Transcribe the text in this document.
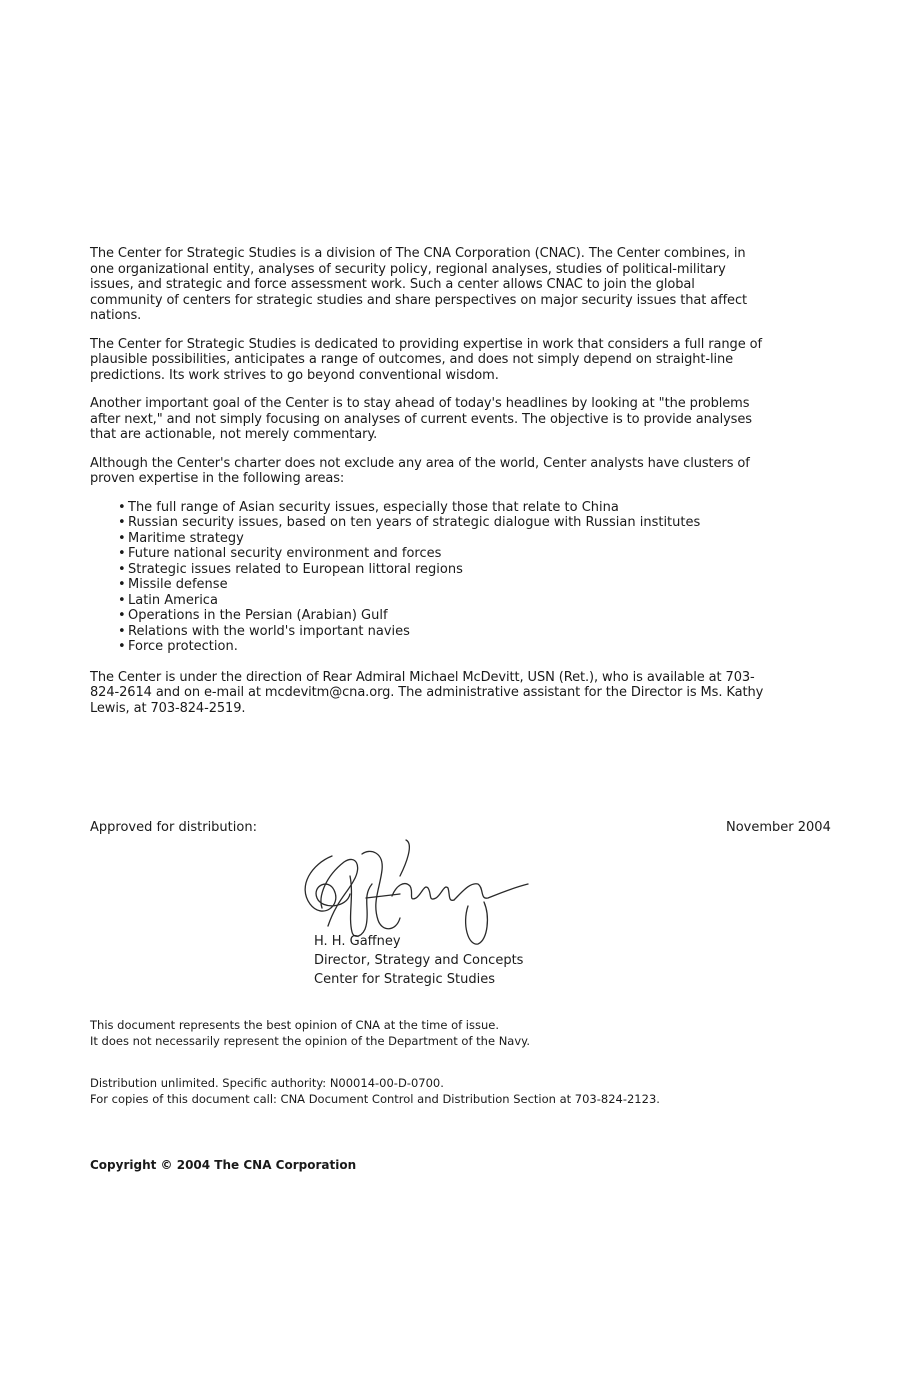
The Center for Strategic Studies is a division of The CNA Corporation (CNAC). The Center combines, in one organizational entity, analyses of security policy, regional analyses, studies of political-military issues, and strategic and force assessment work. Such a center allows CNAC to join the global community of centers for strategic studies and share perspectives on major security issues that affect nations.

The Center for Strategic Studies is dedicated to providing expertise in work that considers a full range of plausible possibilities, anticipates a range of outcomes, and does not simply depend on straight-line predictions. Its work strives to go beyond conventional wisdom.

Another important goal of the Center is to stay ahead of today's headlines by looking at "the problems after next," and not simply focusing on analyses of current events. The objective is to provide analyses that are actionable, not merely commentary.

Although the Center's charter does not exclude any area of the world, Center analysts have clusters of proven expertise in the following areas:

• The full range of Asian security issues, especially those that relate to China
• Russian security issues, based on ten years of strategic dialogue with Russian institutes
• Maritime strategy
• Future national security environment and forces
• Strategic issues related to European littoral regions
• Missile defense
• Latin America
• Operations in the Persian (Arabian) Gulf
• Relations with the world's important navies
• Force protection.

The Center is under the direction of Rear Admiral Michael McDevitt, USN (Ret.), who is available at 703-824-2614 and on e-mail at mcdevitm@cna.org. The administrative assistant for the Director is Ms. Kathy Lewis, at 703-824-2519.

Approved for distribution:	November 2004
H. H. Gaffney
Director, Strategy and Concepts
Center for Strategic Studies
This document represents the best opinion of CNA at the time of issue.
It does not necessarily represent the opinion of the Department of the Navy.
Distribution unlimited. Specific authority: N00014-00-D-0700.
For copies of this document call: CNA Document Control and Distribution Section at 703-824-2123.
Copyright © 2004 The CNA Corporation
